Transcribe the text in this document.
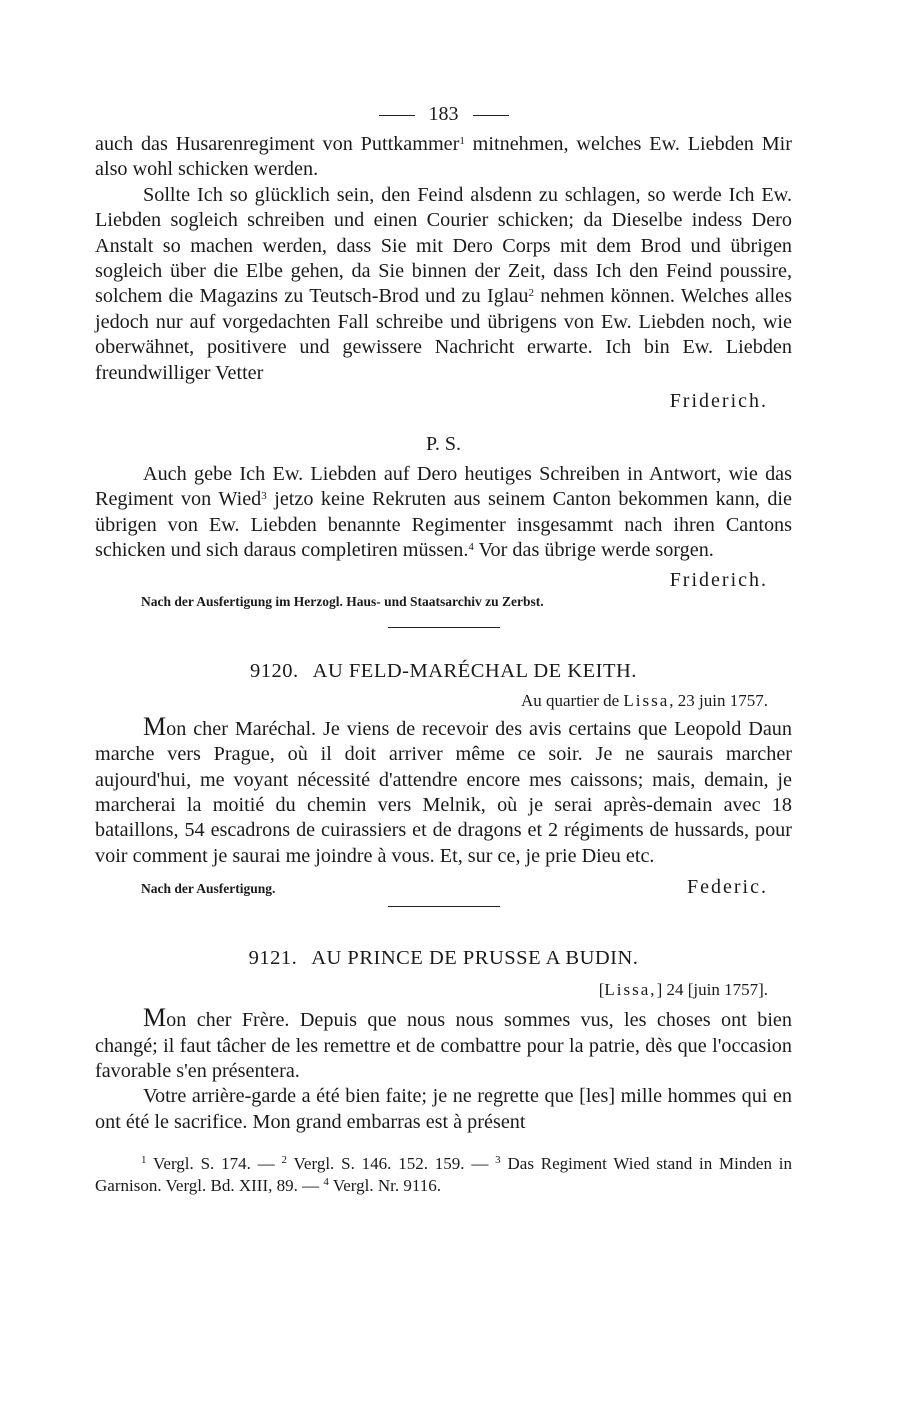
183

auch das Husarenregiment von Puttkammer$^1$ mitnehmen, welches Ew. Liebden Mir also wohl schicken werden.

Sollte Ich so glücklich sein, den Feind alsdenn zu schlagen, so werde Ich Ew. Liebden sogleich schreiben und einen Courier schicken; da Dieselbe indess Dero Anstalt so machen werden, dass Sie mit Dero Corps mit dem Brod und übrigen sogleich über die Elbe gehen, da Sie binnen der Zeit, dass Ich den Feind poussire, solchem die Magazins zu Teutsch-Brod und zu Iglau$^2$ nehmen können. Welches alles jedoch nur auf vorgedachten Fall schreibe und übrigens von Ew. Liebden noch, wie oberwähnet, positivere und gewissere Nachricht erwarte. Ich bin Ew. Liebden freundwilliger Vetter

Friderich.
P. S.

Auch gebe Ich Ew. Liebden auf Dero heutiges Schreiben in Antwort, wie das Regiment von Wied$^3$ jetzo keine Rekruten aus seinem Canton bekommen kann, die übrigen von Ew. Liebden benannte Regimenter insgesammt nach ihren Cantons schicken und sich daraus completiren müssen.$^4$ Vor das übrige werde sorgen.

Friderich.
Nach der Ausfertigung im Herzogl. Haus- und Staatsarchiv zu Zerbst.
9120. AU FELD-MARÉCHAL DE KEITH.
Au quartier de Lissa, 23 juin 1757.

Mon cher Maréchal. Je viens de recevoir des avis certains que Leopold Daun marche vers Prague, où il doit arriver même ce soir. Je ne saurais marcher aujourd'hui, me voyant nécessité d'attendre encore mes caissons; mais, demain, je marcherai la moitié du chemin vers Melnik, où je serai après-demain avec 18 bataillons, 54 escadrons de cuirassiers et de dragons et 2 régiments de hussards, pour voir comment je saurai me joindre à vous. Et, sur ce, je prie Dieu etc.

Nach der Ausfertigung.	Federic.
9121. AU PRINCE DE PRUSSE A BUDIN.
[Lissa,] 24 [juin 1757].

Mon cher Frère. Depuis que nous nous sommes vus, les choses ont bien changé; il faut tâcher de les remettre et de combattre pour la patrie, dès que l'occasion favorable s'en présentera.

Votre arrière-garde a été bien faite; je ne regrette que [les] mille hommes qui en ont été le sacrifice. Mon grand embarras est à présent

$^1$ Vergl. S. 174. — $^2$ Vergl. S. 146. 152. 159. — $^3$ Das Regiment Wied stand in Minden in Garnison. Vergl. Bd. XIII, 89. — $^4$ Vergl. Nr. 9116.
